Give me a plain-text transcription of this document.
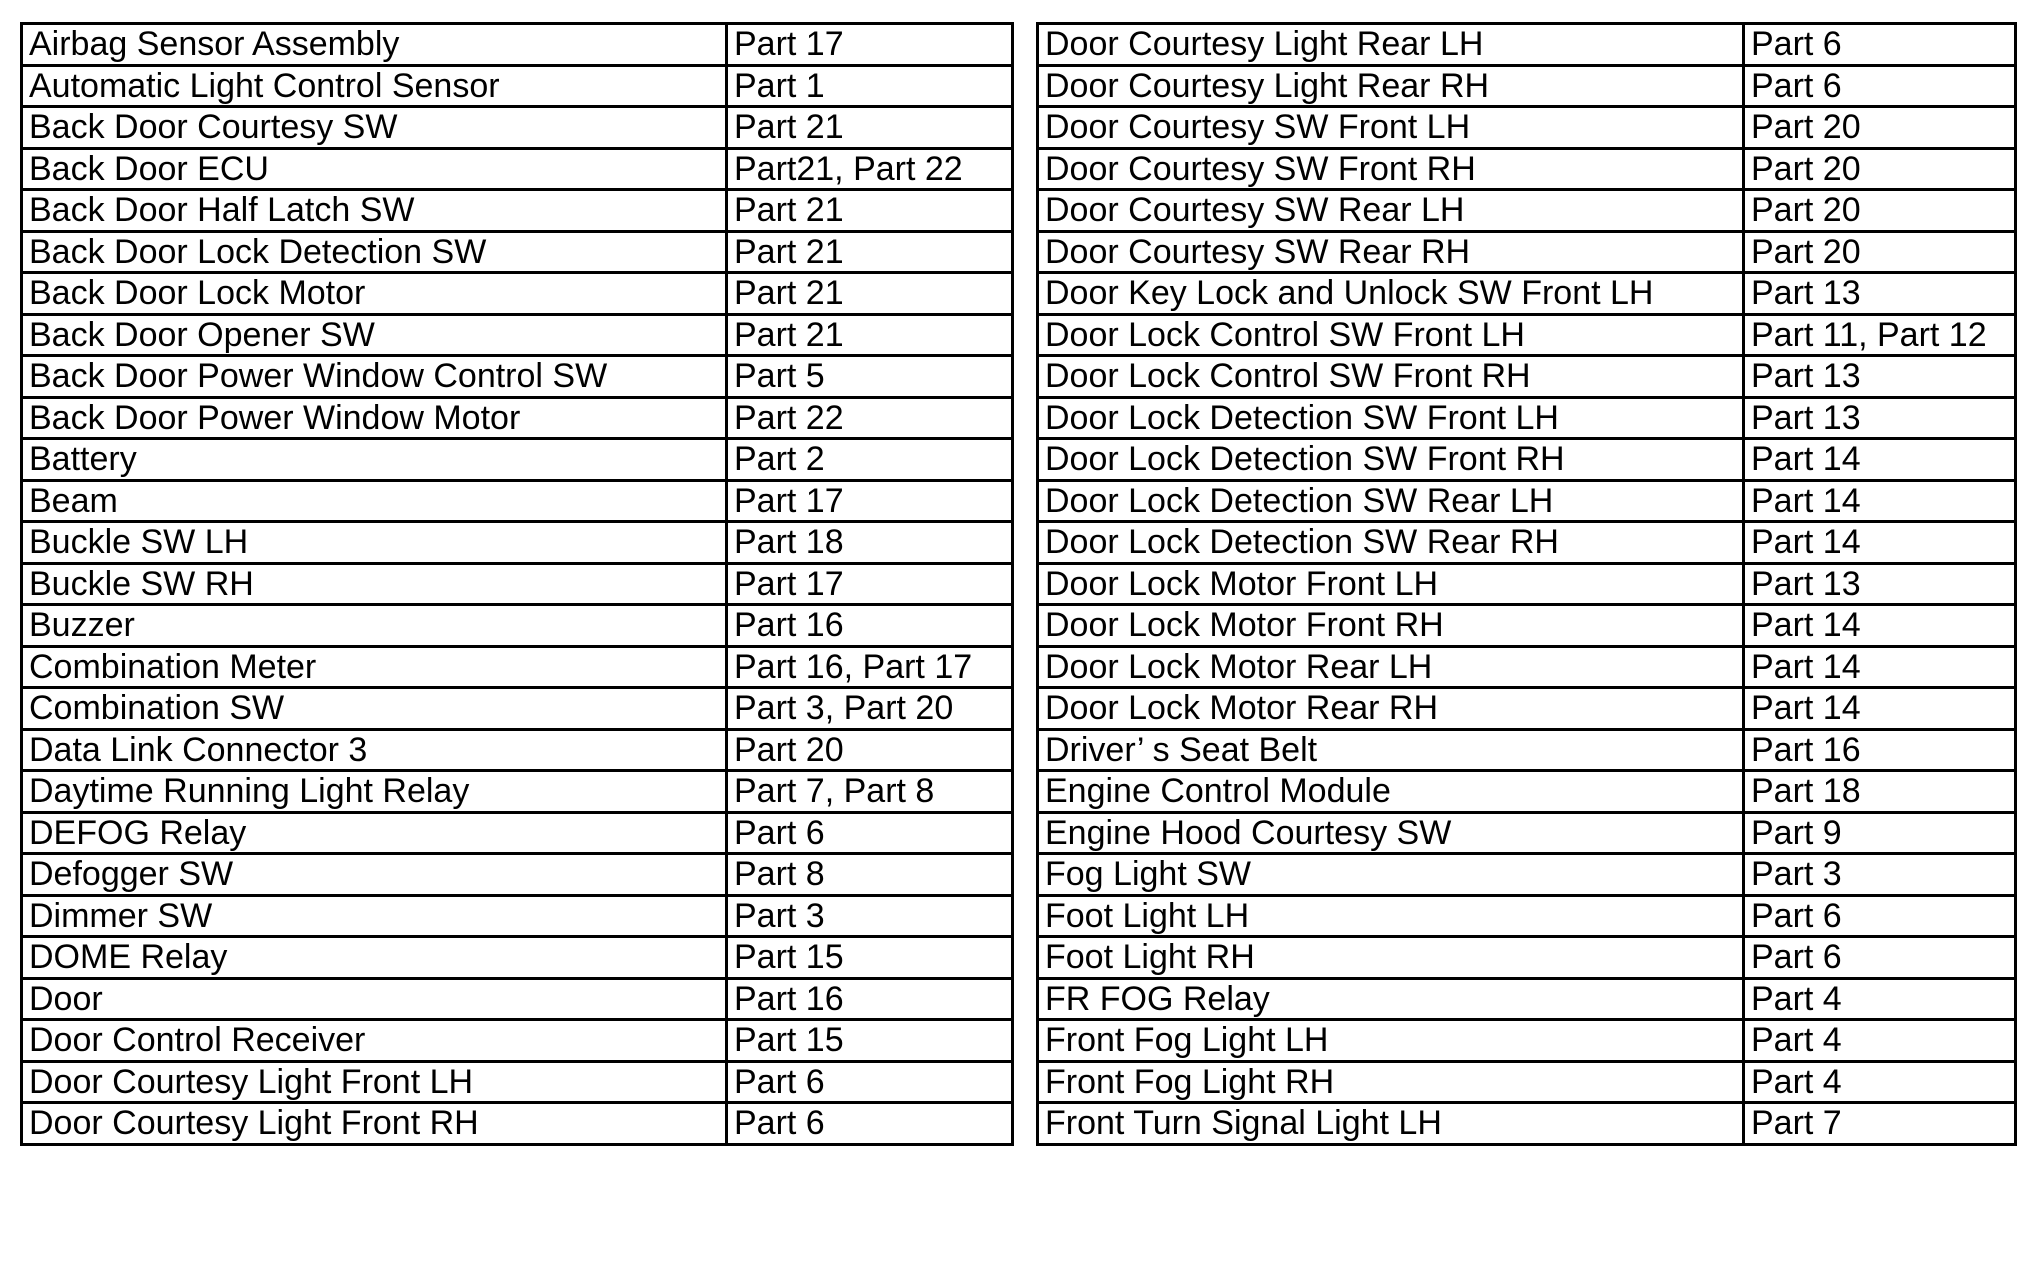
Airbag Sensor Assembly	Part 17
Automatic Light Control Sensor	Part 1
Back Door Courtesy SW	Part 21
Back Door ECU	Part21, Part 22
Back Door Half Latch SW	Part 21
Back Door Lock Detection SW	Part 21
Back Door Lock Motor	Part 21
Back Door Opener SW	Part 21
Back Door Power Window Control SW	Part 5
Back Door Power Window Motor	Part 22
Battery	Part 2
Beam	Part 17
Buckle SW LH	Part 18
Buckle SW RH	Part 17
Buzzer	Part 16
Combination Meter	Part 16, Part 17
Combination SW	Part 3, Part 20
Data Link Connector 3	Part 20
Daytime Running Light Relay	Part 7, Part 8
DEFOG Relay	Part 6
Defogger SW	Part 8
Dimmer SW	Part 3
DOME Relay	Part 15
Door	Part 16
Door Control Receiver	Part 15
Door Courtesy Light Front LH	Part 6
Door Courtesy Light Front RH	Part 6
Door Courtesy Light Rear LH	Part 6
Door Courtesy Light Rear RH	Part 6
Door Courtesy SW Front LH	Part 20
Door Courtesy SW Front RH	Part 20
Door Courtesy SW Rear LH	Part 20
Door Courtesy SW Rear RH	Part 20
Door Key Lock and Unlock SW Front LH	Part 13
Door Lock Control SW Front LH	Part 11, Part 12
Door Lock Control SW Front RH	Part 13
Door Lock Detection SW Front LH	Part 13
Door Lock Detection SW Front RH	Part 14
Door Lock Detection SW Rear LH	Part 14
Door Lock Detection SW Rear RH	Part 14
Door Lock Motor Front LH	Part 13
Door Lock Motor Front RH	Part 14
Door Lock Motor Rear LH	Part 14
Door Lock Motor Rear RH	Part 14
Driver’ s Seat Belt	Part 16
Engine Control Module	Part 18
Engine Hood Courtesy SW	Part 9
Fog Light SW	Part 3
Foot Light LH	Part 6
Foot Light RH	Part 6
FR FOG Relay	Part 4
Front Fog Light LH	Part 4
Front Fog Light RH	Part 4
Front Turn Signal Light LH	Part 7
